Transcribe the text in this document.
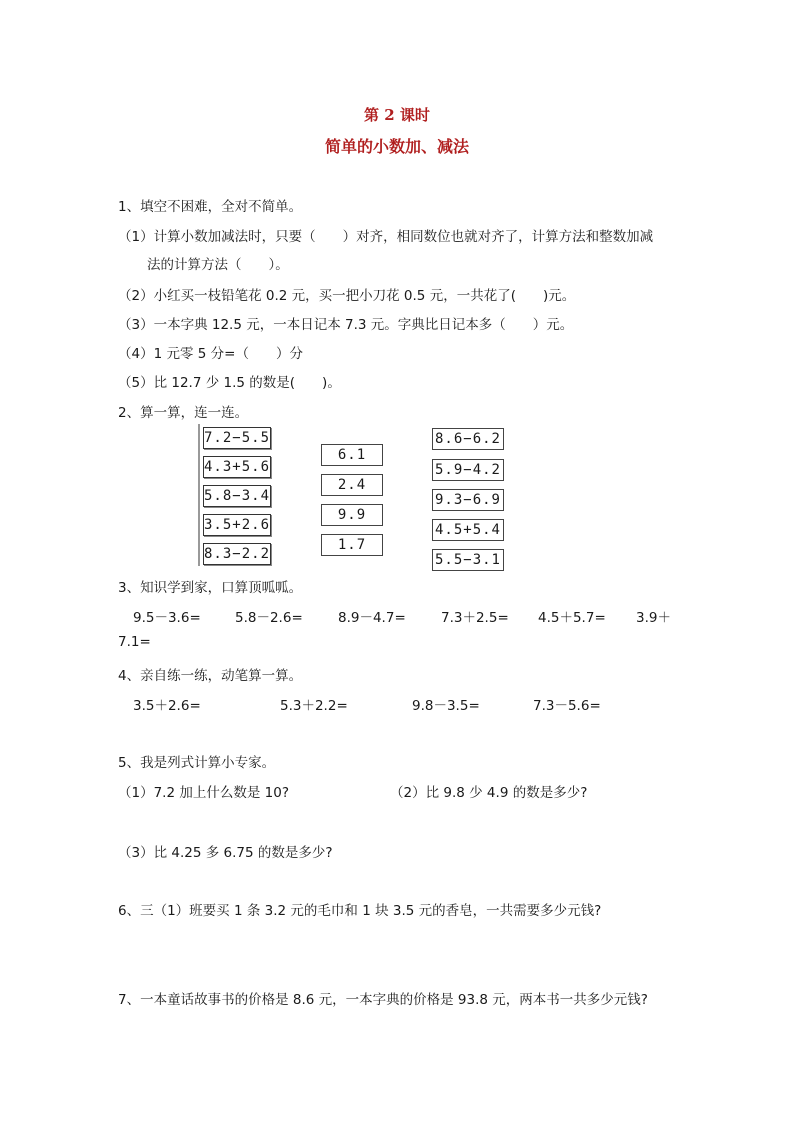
第 2 课时
简单的小数加、减法
1、填空不困难，全对不简单。
（1）计算小数加减法时，只要（　　）对齐，相同数位也就对齐了，计算方法和整数加减
法的计算方法（　　）。
（2）小红买一枝铅笔花 0.2 元，买一把小刀花 0.5 元，一共花了(　　)元。
（3）一本字典 12.5 元，一本日记本 7.3 元。字典比日记本多（　　）元。
（4）1 元零 5 分=（　　）分
（5）比 12.7 少 1.5 的数是(　　)。
2、算一算，连一连。
7.2−5.5
4.3+5.6
5.8−3.4
3.5+2.6
8.3−2.2
6.1
2.4
9.9
1.7
8.6−6.2
5.9−4.2
9.3−6.9
4.5+5.4
5.5−3.1
3、知识学到家，口算顶呱呱。
9.5－3.6=	5.8－2.6=	8.9－4.7=	7.3＋2.5= 4.5＋5.7= 3.9＋
7.1=
4、亲自练一练，动笔算一算。
3.5＋2.6=	5.3＋2.2=	9.8－3.5=	7.3－5.6=
5、我是列式计算小专家。
（1）7.2 加上什么数是 10?	（2）比 9.8 少 4.9 的数是多少?
（3）比 4.25 多 6.75 的数是多少?
6、三（1）班要买 1 条 3.2 元的毛巾和 1 块 3.5 元的香皂，一共需要多少元钱?
7、一本童话故事书的价格是 8.6 元，一本字典的价格是 93.8 元，两本书一共多少元钱?
